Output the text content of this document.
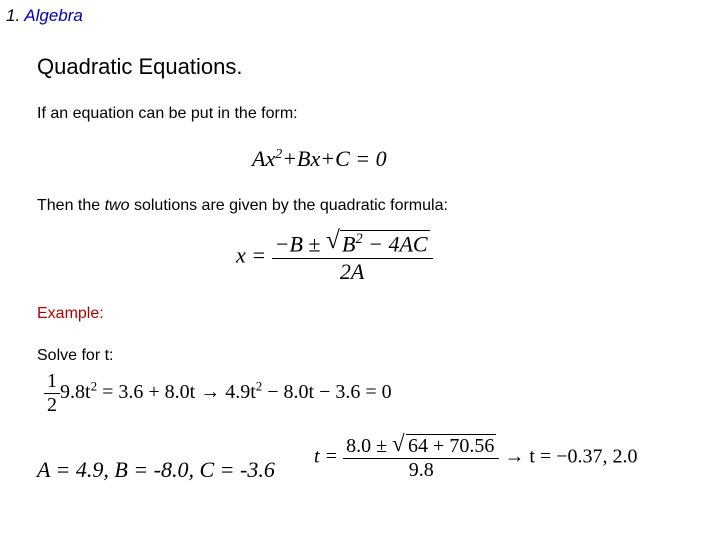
1. Algebra
Quadratic Equations.
If an equation can be put in the form:
$Ax^2+Bx+C = 0$
Then the two solutions are given by the quadratic formula:
$x = \frac{-B \pm √ B^2 - 4AC}{2A}$
Example:
Solve for t:
$\frac{1}{2} 9.8t^2 = 3.6 + 8.0t \to 4.9t^2 - 8.0t - 3.6 = 0$
A = 4.9, B = -8.0, C = -3.6
$t = \frac{8.0 \pm √ 64 + 70.56}{9.8} \to t = -0.37$, 2.0
